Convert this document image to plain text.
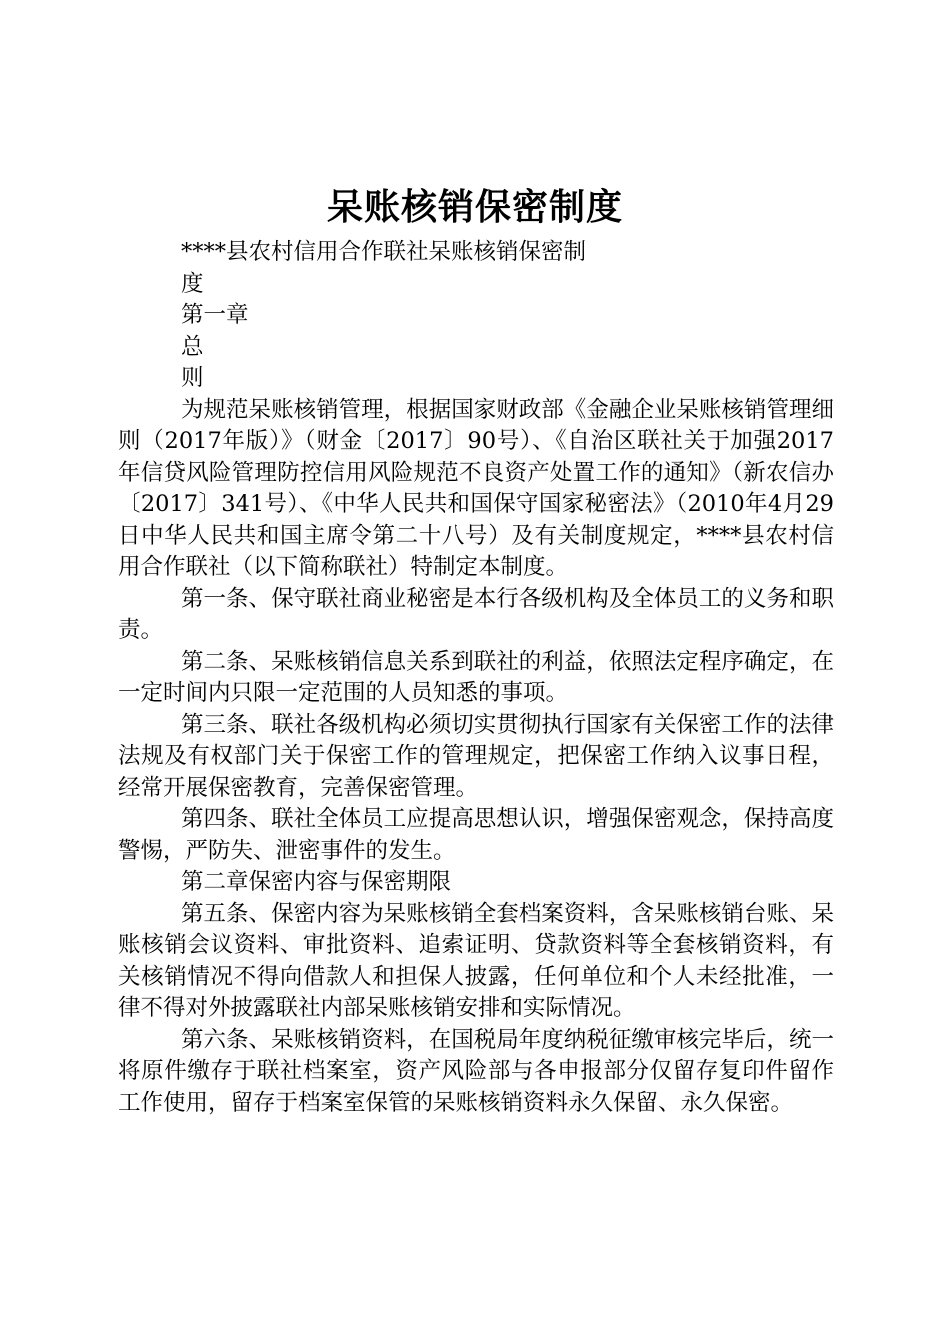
呆账核销保密制度
****县农村信用合作联社呆账核销保密制
度
第一章
总
则

为规范呆账核销管理，根据国家财政部《金融企业呆账核销管理细则（2017年版）》（财金〔2017〕90号）、《自治区联社关于加强2017年信贷风险管理防控信用风险规范不良资产处置工作的通知》（新农信办〔2017〕341号）、《中华人民共和国保守国家秘密法》（2010年4月29日中华人民共和国主席令第二十八号）及有关制度规定，****县农村信用合作联社（以下简称联社）特制定本制度。

第一条、保守联社商业秘密是本行各级机构及全体员工的义务和职责。

第二条、呆账核销信息关系到联社的利益，依照法定程序确定，在一定时间内只限一定范围的人员知悉的事项。

第三条、联社各级机构必须切实贯彻执行国家有关保密工作的法律法规及有权部门关于保密工作的管理规定，把保密工作纳入议事日程，经常开展保密教育，完善保密管理。

第四条、联社全体员工应提高思想认识，增强保密观念，保持高度警惕，严防失、泄密事件的发生。

第二章保密内容与保密期限

第五条、保密内容为呆账核销全套档案资料，含呆账核销台账、呆账核销会议资料、审批资料、追索证明、贷款资料等全套核销资料，有关核销情况不得向借款人和担保人披露，任何单位和个人未经批准，一律不得对外披露联社内部呆账核销安排和实际情况。

第六条、呆账核销资料，在国税局年度纳税征缴审核完毕后，统一将原件缴存于联社档案室，资产风险部与各申报部分仅留存复印件留作工作使用，留存于档案室保管的呆账核销资料永久保留、永久保密。
